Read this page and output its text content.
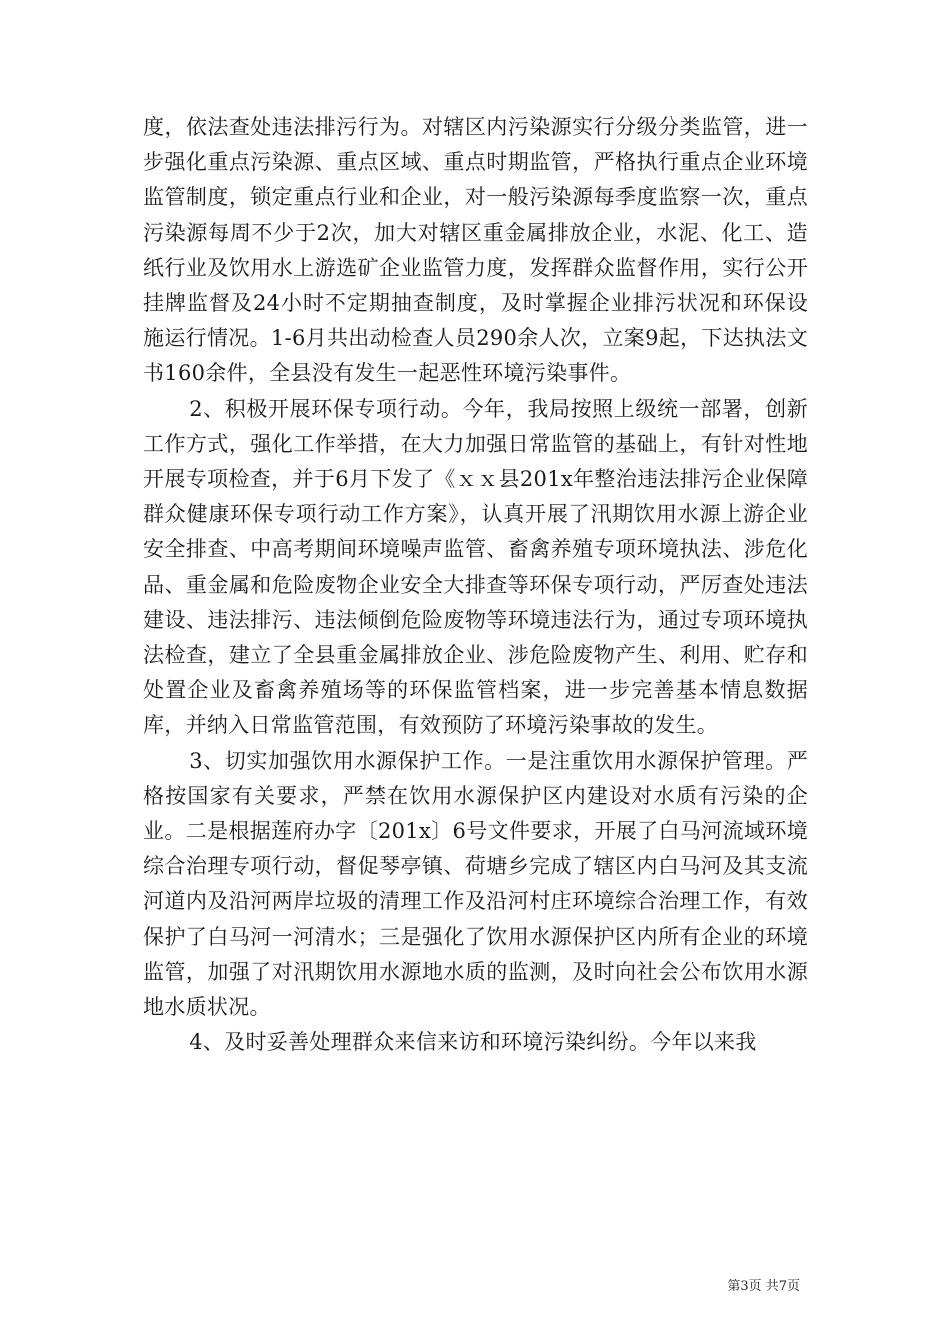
度，依法查处违法排污行为。对辖区内污染源实行分级分类监管，进一步强化重点污染源、重点区域、重点时期监管，严格执行重点企业环境监管制度，锁定重点行业和企业，对一般污染源每季度监察一次，重点污染源每周不少于2次，加大对辖区重金属排放企业，水泥、化工、造纸行业及饮用水上游选矿企业监管力度，发挥群众监督作用，实行公开挂牌监督及24小时不定期抽查制度，及时掌握企业排污状况和环保设施运行情况。1-6月共出动检查人员290余人次，立案9起，下达执法文书160余件，全县没有发生一起恶性环境污染事件。

2、积极开展环保专项行动。今年，我局按照上级统一部署，创新工作方式，强化工作举措，在大力加强日常监管的基础上，有针对性地开展专项检查，并于6月下发了《ｘｘ县201x年整治违法排污企业保障群众健康环保专项行动工作方案》，认真开展了汛期饮用水源上游企业安全排查、中高考期间环境噪声监管、畜禽养殖专项环境执法、涉危化品、重金属和危险废物企业安全大排查等环保专项行动，严厉查处违法建设、违法排污、违法倾倒危险废物等环境违法行为，通过专项环境执法检查，建立了全县重金属排放企业、涉危险废物产生、利用、贮存和处置企业及畜禽养殖场等的环保监管档案，进一步完善基本情息数据库，并纳入日常监管范围，有效预防了环境污染事故的发生。

3、切实加强饮用水源保护工作。一是注重饮用水源保护管理。严格按国家有关要求，严禁在饮用水源保护区内建设对水质有污染的企业。二是根据莲府办字〔201x〕6号文件要求，开展了白马河流域环境综合治理专项行动，督促琴亭镇、荷塘乡完成了辖区内白马河及其支流河道内及沿河两岸垃圾的清理工作及沿河村庄环境综合治理工作，有效保护了白马河一河清水；三是强化了饮用水源保护区内所有企业的环境监管，加强了对汛期饮用水源地水质的监测，及时向社会公布饮用水源地水质状况。

4、及时妥善处理群众来信来访和环境污染纠纷。今年以来我

第3页 共7页
